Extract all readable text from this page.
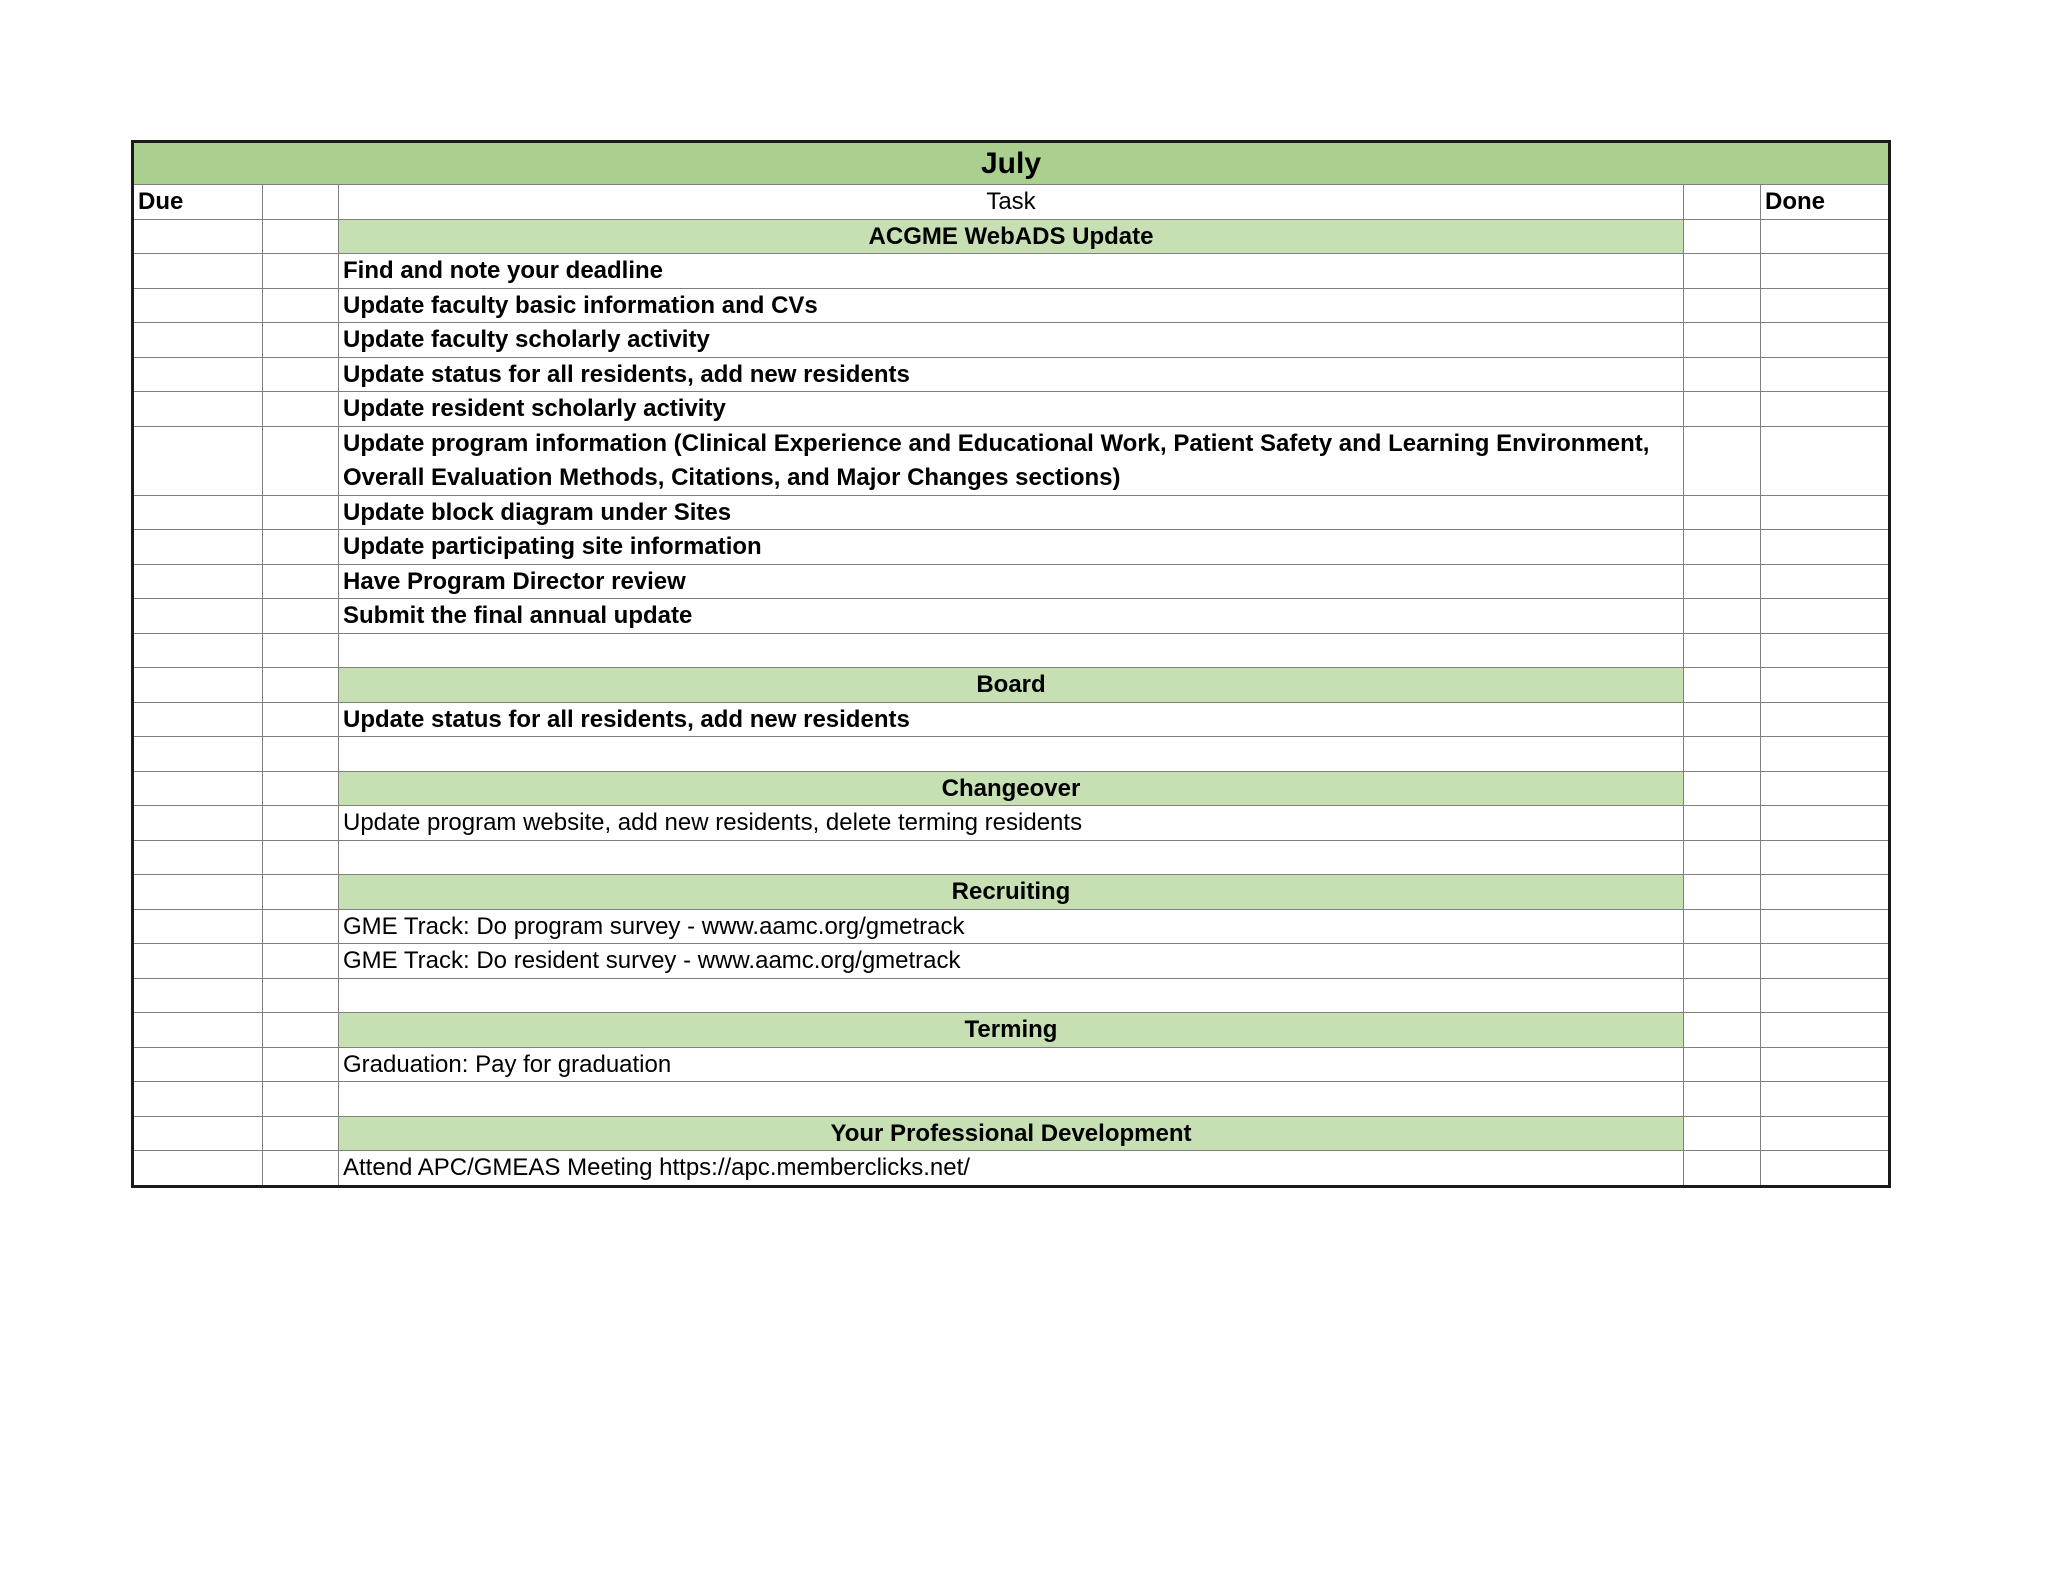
July				
Due		Task		Done
		ACGME WebADS Update		
		Find and note your deadline		
		Update faculty basic information and CVs		
		Update faculty scholarly activity		
		Update status for all residents, add new residents		
		Update resident scholarly activity		
		Update program information (Clinical Experience and Educational Work, Patient Safety and Learning Environment, Overall Evaluation Methods, Citations, and Major Changes sections)		
		Update block diagram under Sites		
		Update participating site information		
		Have Program Director review		
		Submit the final annual update		

		Board		
		Update status for all residents, add new residents		

		Changeover		
		Update program website, add new residents, delete terming residents		

		Recruiting		
		GME Track: Do program survey - www.aamc.org/gmetrack		
		GME Track: Do resident survey - www.aamc.org/gmetrack		

		Terming		
		Graduation: Pay for graduation		

		Your Professional Development		
		Attend APC/GMEAS Meeting https://apc.memberclicks.net/		
